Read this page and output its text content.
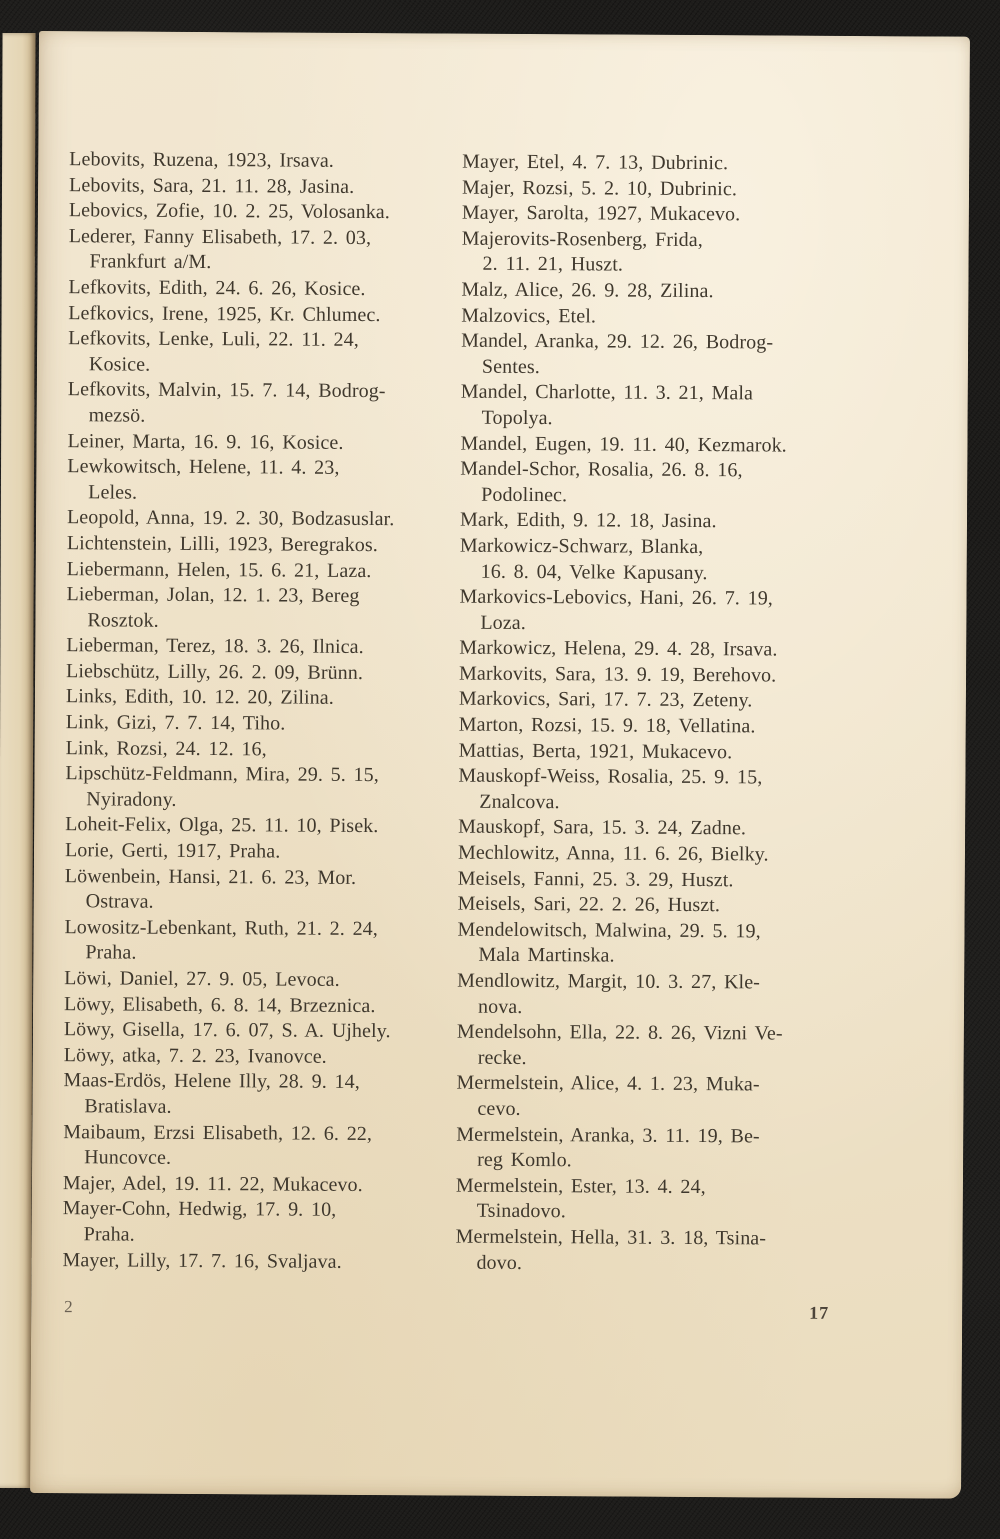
Lebovits, Ruzena, 1923, Irsava.

Lebovits, Sara, 21. 11. 28, Jasina.

Lebovics, Zofie, 10. 2. 25, Volosanka.

Lederer, Fanny Elisabeth, 17. 2. 03,
Frankfurt a/M.

Lefkovits, Edith, 24. 6. 26, Kosice.

Lefkovics, Irene, 1925, Kr. Chlumec.

Lefkovits, Lenke, Luli, 22. 11. 24,
Kosice.

Lefkovits, Malvin, 15. 7. 14, Bodrog-
mezsö.

Leiner, Marta, 16. 9. 16, Kosice.

Lewkowitsch, Helene, 11. 4. 23,
Leles.

Leopold, Anna, 19. 2. 30, Bodzasuslar.

Lichtenstein, Lilli, 1923, Beregrakos.

Liebermann, Helen, 15. 6. 21, Laza.

Lieberman, Jolan, 12. 1. 23, Bereg
Rosztok.

Lieberman, Terez, 18. 3. 26, Ilnica.

Liebschütz, Lilly, 26. 2. 09, Brünn.

Links, Edith, 10. 12. 20, Zilina.

Link, Gizi, 7. 7. 14, Tiho.

Link, Rozsi, 24. 12. 16,

Lipschütz-Feldmann, Mira, 29. 5. 15,
Nyiradony.

Loheit-Felix, Olga, 25. 11. 10, Pisek.

Lorie, Gerti, 1917, Praha.

Löwenbein, Hansi, 21. 6. 23, Mor.
Ostrava.

Lowositz-Lebenkant, Ruth, 21. 2. 24,
Praha.

Löwi, Daniel, 27. 9. 05, Levoca.

Löwy, Elisabeth, 6. 8. 14, Brzeznica.

Löwy, Gisella, 17. 6. 07, S. A. Ujhely.

Löwy, atka, 7. 2. 23, Ivanovce.

Maas-Erdös, Helene Illy, 28. 9. 14,
Bratislava.

Maibaum, Erzsi Elisabeth, 12. 6. 22,
Huncovce.

Majer, Adel, 19. 11. 22, Mukacevo.

Mayer-Cohn, Hedwig, 17. 9. 10,
Praha.

Mayer, Lilly, 17. 7. 16, Svaljava.

Mayer, Etel, 4. 7. 13, Dubrinic.

Majer, Rozsi, 5. 2. 10, Dubrinic.

Mayer, Sarolta, 1927, Mukacevo.

Majerovits-Rosenberg, Frida,
2. 11. 21, Huszt.

Malz, Alice, 26. 9. 28, Zilina.

Malzovics, Etel.

Mandel, Aranka, 29. 12. 26, Bodrog-
Sentes.

Mandel, Charlotte, 11. 3. 21, Mala
Topolya.

Mandel, Eugen, 19. 11. 40, Kezmarok.

Mandel-Schor, Rosalia, 26. 8. 16,
Podolinec.

Mark, Edith, 9. 12. 18, Jasina.

Markowicz-Schwarz, Blanka,
16. 8. 04, Velke Kapusany.

Markovics-Lebovics, Hani, 26. 7. 19,
Loza.

Markowicz, Helena, 29. 4. 28, Irsava.

Markovits, Sara, 13. 9. 19, Berehovo.

Markovics, Sari, 17. 7. 23, Zeteny.

Marton, Rozsi, 15. 9. 18, Vellatina.

Mattias, Berta, 1921, Mukacevo.

Mauskopf-Weiss, Rosalia, 25. 9. 15,
Znalcova.

Mauskopf, Sara, 15. 3. 24, Zadne.

Mechlowitz, Anna, 11. 6. 26, Bielky.

Meisels, Fanni, 25. 3. 29, Huszt.

Meisels, Sari, 22. 2. 26, Huszt.

Mendelowitsch, Malwina, 29. 5. 19,
Mala Martinska.

Mendlowitz, Margit, 10. 3. 27, Kle-
nova.

Mendelsohn, Ella, 22. 8. 26, Vizni Ve-
recke.

Mermelstein, Alice, 4. 1. 23, Muka-
cevo.

Mermelstein, Aranka, 3. 11. 19, Be-
reg Komlo.

Mermelstein, Ester, 13. 4. 24,
Tsinadovo.

Mermelstein, Hella, 31. 3. 18, Tsina-
dovo.

2	17
